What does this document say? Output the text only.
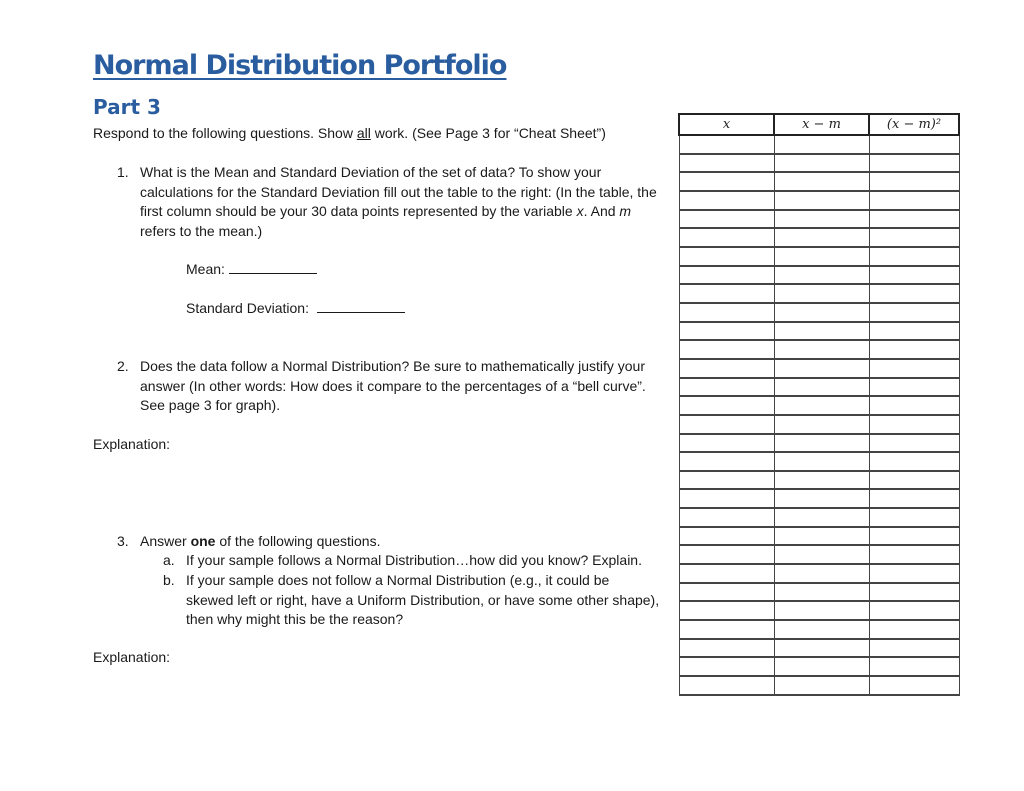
Normal Distribution Portfolio
Part 3
Respond to the following questions. Show all work. (See Page 3 for “Cheat Sheet”)
1. What is the Mean and Standard Deviation of the set of data? To show your
calculations for the Standard Deviation fill out the table to the right: (In the table, the
first column should be your 30 data points represented by the variable x. And m
refers to the mean.)
Mean:
Standard Deviation:
2. Does the data follow a Normal Distribution? Be sure to mathematically justify your
answer (In other words: How does it compare to the percentages of a “bell curve”.
See page 3 for graph).
Explanation:
3. Answer one of the following questions.
a. If your sample follows a Normal Distribution…how did you know? Explain.
b. If your sample does not follow a Normal Distribution (e.g., it could be
skewed left or right, have a Uniform Distribution, or have some other shape),
then why might this be the reason?
Explanation:
x	x − m	(x − m)²
